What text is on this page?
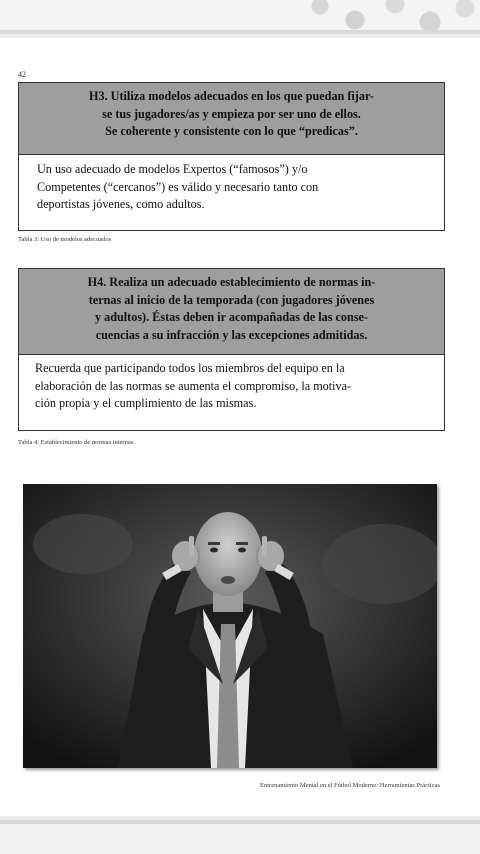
42
H3. Utiliza modelos adecuados en los que puedan fijar-
se tus jugadores/as y empieza por ser uno de ellos.
Se coherente y consistente con lo que “predicas”.
Un uso adecuado de modelos Expertos (“famosos”) y/o
Competentes (“cercanos”) es válido y necesario tanto con
deportistas jóvenes, como adultos.
Tabla 3: Uso de modelos adecuados
H4. Realiza un adecuado establecimiento de normas in-
ternas al inicio de la temporada (con jugadores jóvenes
y adultos). Éstas deben ir acompañadas de las conse-
cuencias a su infracción y las excepciones admitidas.
Recuerda que participando todos los miembros del equipo en la
elaboración de las normas se aumenta el compromiso, la motiva-
ción propia y el cumplimiento de las mismas.
Tabla 4: Establecimiento de normas internas.
Entrenamiento Mental en el Fútbol Moderno: Herramientas Prácticas
